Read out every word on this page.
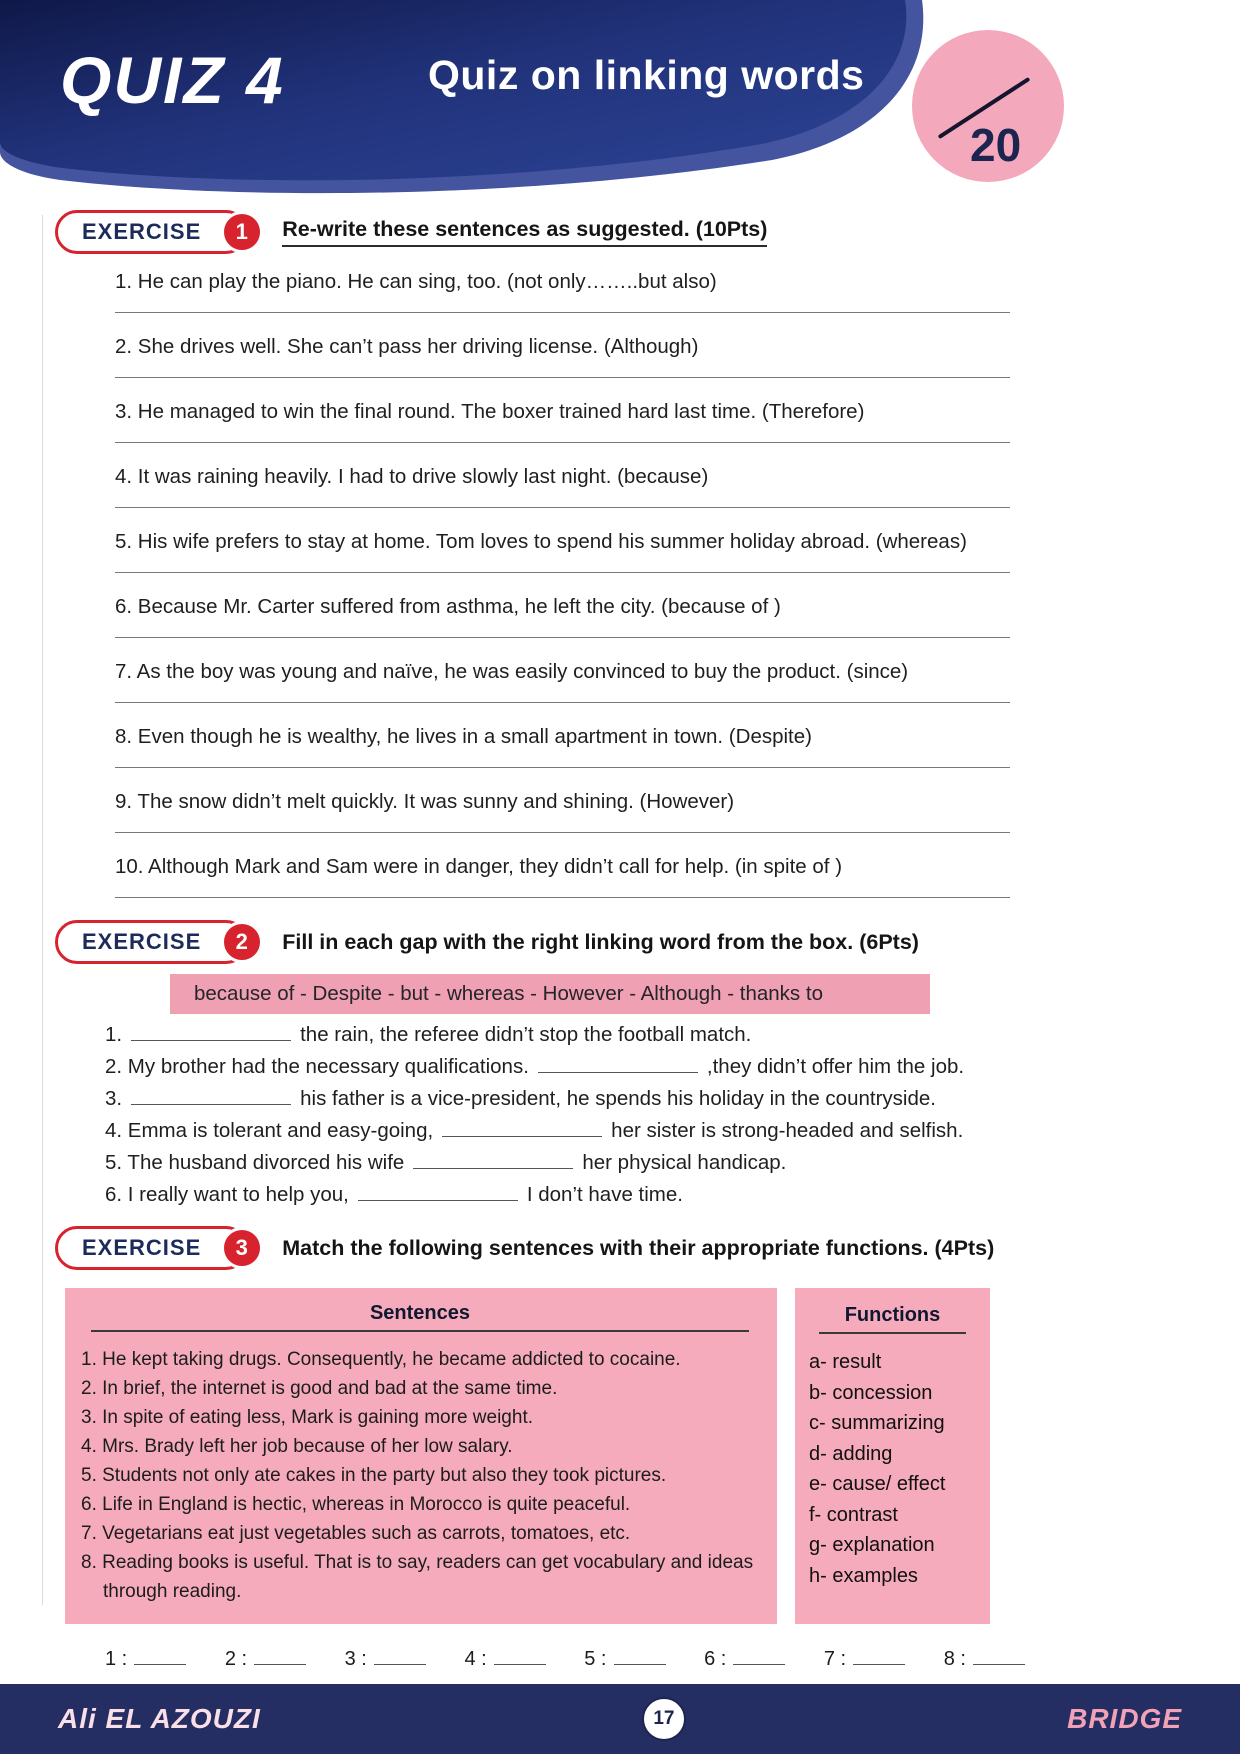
QUIZ 4	Quiz on linking words
20
EXERCISE	1	Re-write these sentences as suggested. (10Pts)
1. He can play the piano. He can sing, too. (not only……..but also)
2. She drives well. She can’t pass her driving license. (Although)
3. He managed to win the final round. The boxer trained hard last time. (Therefore)
4. It was raining heavily. I had to drive slowly last night. (because)
5. His wife prefers to stay at home. Tom loves to spend his summer holiday abroad. (whereas)
6. Because Mr. Carter suffered from asthma, he left the city. (because of )
7. As the boy was young and naïve, he was easily convinced to buy the product. (since)
8. Even though he is wealthy, he lives in a small apartment in town. (Despite)
9. The snow didn’t melt quickly. It was sunny and shining. (However)
10. Although Mark and Sam were in danger, they didn’t call for help. (in spite of )
EXERCISE	2	Fill in each gap with the right linking word from the box. (6Pts)
because of - Despite - but - whereas - However - Although - thanks to
1.	the rain, the referee didn’t stop the football match.
2. My brother had the necessary qualifications.	,they didn’t offer him the job.
3.	his father is a vice-president, he spends his holiday in the countryside.
4. Emma is tolerant and easy-going,	her sister is strong-headed and selfish.
5. The husband divorced his wife	her physical handicap.
6. I really want to help you,	I don’t have time.
EXERCISE	3	Match the following sentences with their appropriate functions. (4Pts)
Sentences
1. He kept taking drugs. Consequently, he became addicted to cocaine.
2. In brief, the internet is good and bad at the same time.
3. In spite of eating less, Mark is gaining more weight.
4. Mrs. Brady left her job because of her low salary.
5. Students not only ate cakes in the party but also they took pictures.
6. Life in England is hectic, whereas in Morocco is quite peaceful.
7. Vegetarians eat just vegetables such as carrots, tomatoes, etc.
8. Reading books is useful. That is to say, readers can get vocabulary and ideas through reading.
Functions
a- result
b- concession
c- summarizing
d- adding
e- cause/ effect
f- contrast
g- explanation
h- examples
1 :	2 :	3 :	4 :	5 :	6 :	7 :	8 :
Ali EL AZOUZI	17	BRIDGE
